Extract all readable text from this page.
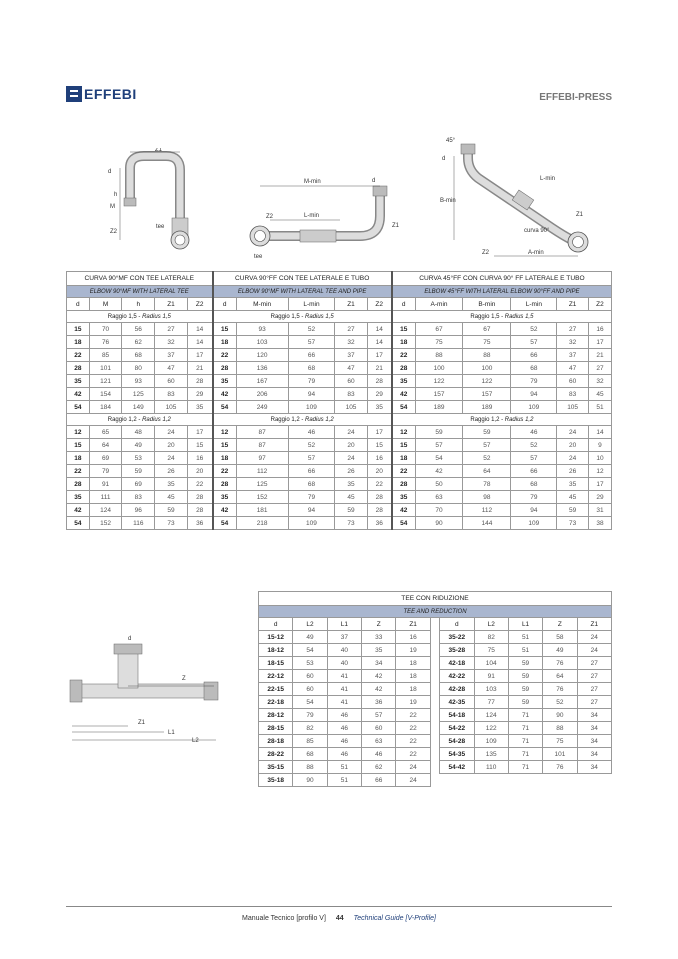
EFFEBI	EFFEBI-PRESS
Z1
d
h
M
Z2
tee
M-min	d
Z2	L-min
Z1
tee
45°
d
B-min
L-min
Z1
curva 90°
Z2	A-min
CURVA 90°MF CON TEE LATERALE					CURVA 90°FF CON TEE LATERALE E TUBO					CURVA 45°FF CON CURVA 90° FF LATERALE E TUBO					
ELBOW 90°MF WITH LATERAL TEE					ELBOW 90°MF WITH LATERAL TEE AND PIPE					ELBOW 45°FF WITH LATERAL ELBOW 90°FF AND PIPE					
d	M	h	Z1	Z2	d	M-min	L-min	Z1	Z2	d	A-min	B-min	L-min	Z1	Z2
Raggio 1,5 - Radius 1,5					Raggio 1,5 - Radius 1,5					Raggio 1,5 - Radius 1,5					
15	70	56	27	14	15	93	52	27	14	15	67	67	52	27	16
18	76	62	32	14	18	103	57	32	14	18	75	75	57	32	17
22	85	68	37	17	22	120	66	37	17	22	88	88	66	37	21
28	101	80	47	21	28	136	68	47	21	28	100	100	68	47	27
35	121	93	60	28	35	167	79	60	28	35	122	122	79	60	32
42	154	125	83	29	42	206	94	83	29	42	157	157	94	83	45
54	184	149	105	35	54	249	109	105	35	54	189	189	109	105	51
Raggio 1,2 - Radius 1,2					Raggio 1,2 - Radius 1,2					Raggio 1,2 - Radius 1,2					
12	65	48	24	17	12	87	46	24	17	12	59	59	46	24	14
15	64	49	20	15	15	87	52	20	15	15	57	57	52	20	9
18	69	53	24	16	18	97	57	24	16	18	54	52	57	24	10
22	79	59	26	20	22	112	66	26	20	22	42	64	66	26	12
28	91	69	35	22	28	125	68	35	22	28	50	78	68	35	17
35	111	83	45	28	35	152	79	45	28	35	63	98	79	45	29
42	124	96	59	28	42	181	94	59	28	42	70	112	94	59	31
54	152	116	73	36	54	218	109	73	36	54	90	144	109	73	38
d
Z
Z1
L1
L2
TEE CON RIDUZIONE										
TEE AND REDUCTION										
d	L2	L1	Z	Z1		d	L2	L1	Z	Z1
15-12	49	37	33	16		35-22	82	51	58	24
18-12	54	40	35	19		35-28	75	51	49	24
18-15	53	40	34	18		42-18	104	59	76	27
22-12	60	41	42	18		42-22	91	59	64	27
22-15	60	41	42	18		42-28	103	59	76	27
22-18	54	41	36	19		42-35	77	59	52	27
28-12	79	46	57	22		54-18	124	71	90	34
28-15	82	46	60	22		54-22	122	71	88	34
28-18	85	46	63	22		54-28	109	71	75	34
28-22	68	46	46	22		54-35	135	71	101	34
35-15	88	51	62	24		54-42	110	71	76	34
35-18	90	51	66	24						
Manuale Tecnico [profilo V] 44 Technical Guide [V-Profile]
